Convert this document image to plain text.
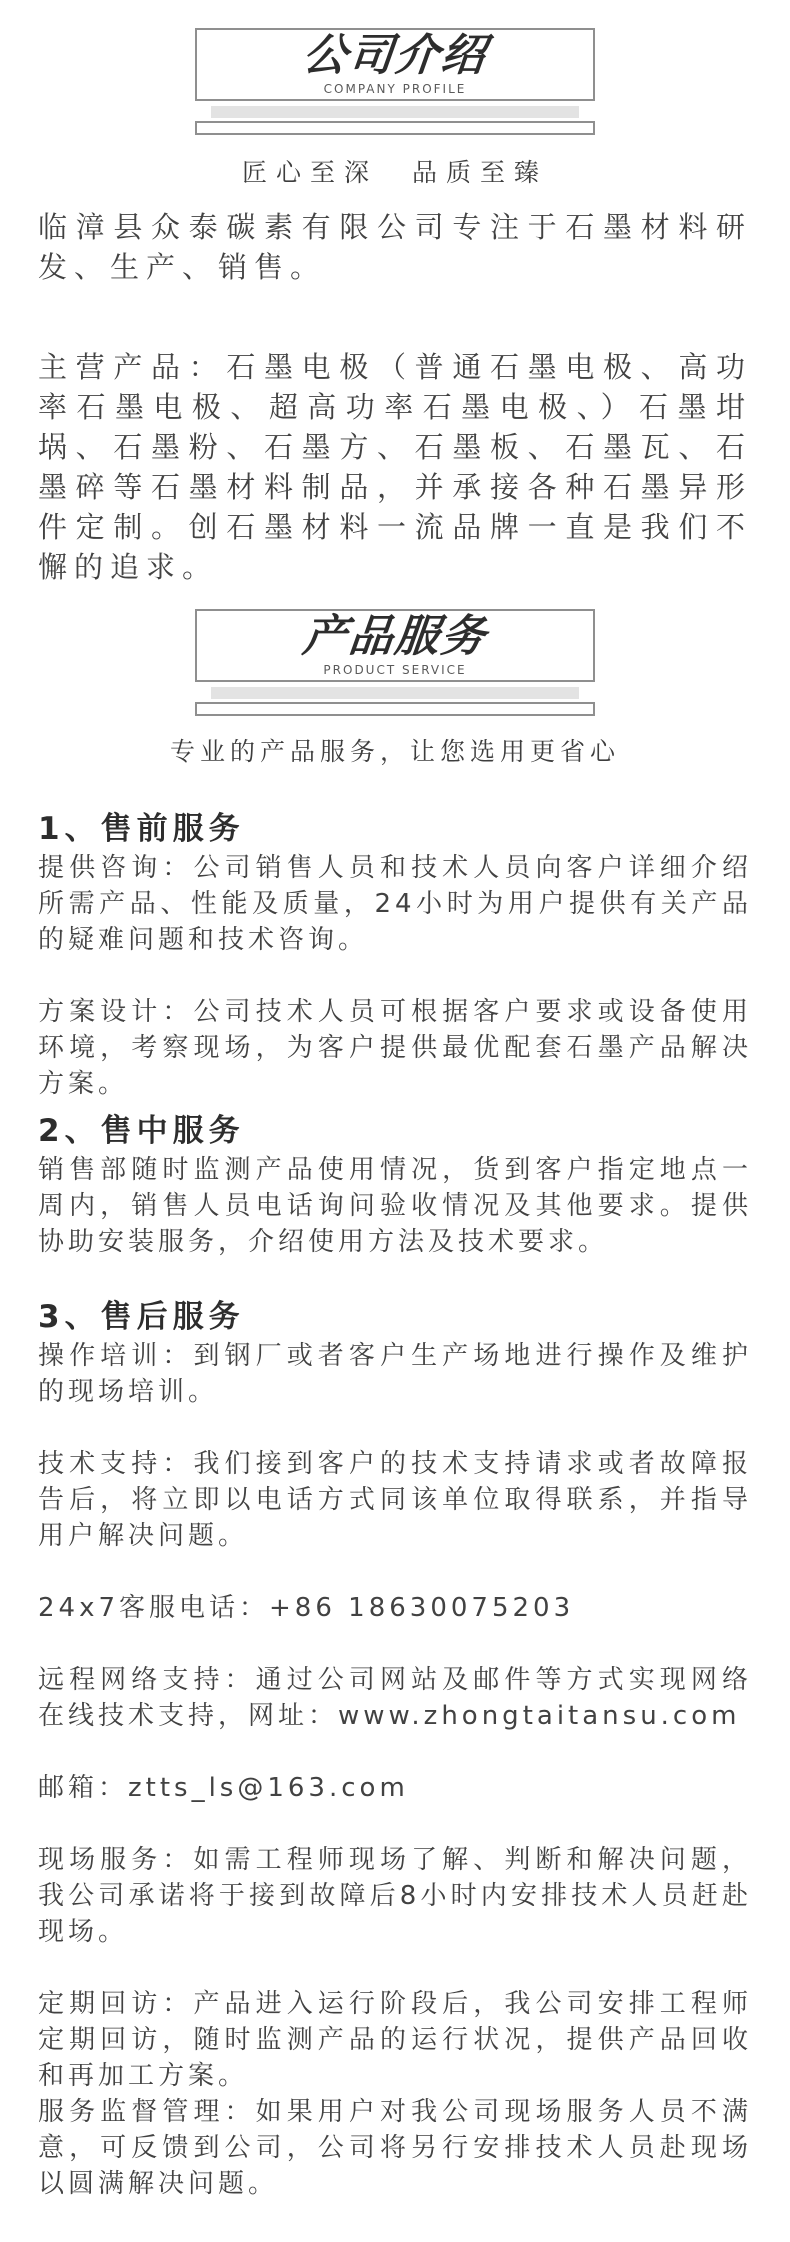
公司介绍
COMPANY PROFILE
匠心至深　品质至臻

临漳县众泰碳素有限公司专注于石墨材料研发、生产、销售。

主营产品：石墨电极（普通石墨电极、高功率石墨电极、超高功率石墨电极、）石墨坩埚、石墨粉、石墨方、石墨板、石墨瓦、石墨碎等石墨材料制品，并承接各种石墨异形件定制。创石墨材料一流品牌一直是我们不懈的追求。

产品服务
PRODUCT SERVICE
专业的产品服务，让您选用更省心
1、售前服务

提供咨询：公司销售人员和技术人员向客户详细介绍所需产品、性能及质量，24小时为用户提供有关产品的疑难问题和技术咨询。

方案设计：公司技术人员可根据客户要求或设备使用环境，考察现场，为客户提供最优配套石墨产品解决方案。

2、售中服务

销售部随时监测产品使用情况，货到客户指定地点一周内，销售人员电话询问验收情况及其他要求。提供协助安装服务，介绍使用方法及技术要求。

3、售后服务

操作培训：到钢厂或者客户生产场地进行操作及维护的现场培训。

技术支持：我们接到客户的技术支持请求或者故障报告后，将立即以电话方式同该单位取得联系，并指导用户解决问题。

24x7客服电话：+86 18630075203

远程网络支持：通过公司网站及邮件等方式实现网络在线技术支持，网址：www.zhongtaitansu.com

邮箱：ztts_ls@163.com

现场服务：如需工程师现场了解、判断和解决问题，我公司承诺将于接到故障后8小时内安排技术人员赶赴现场。

定期回访：产品进入运行阶段后，我公司安排工程师定期回访，随时监测产品的运行状况，提供产品回收和再加工方案。

服务监督管理：如果用户对我公司现场服务人员不满意，可反馈到公司，公司将另行安排技术人员赴现场以圆满解决问题。
